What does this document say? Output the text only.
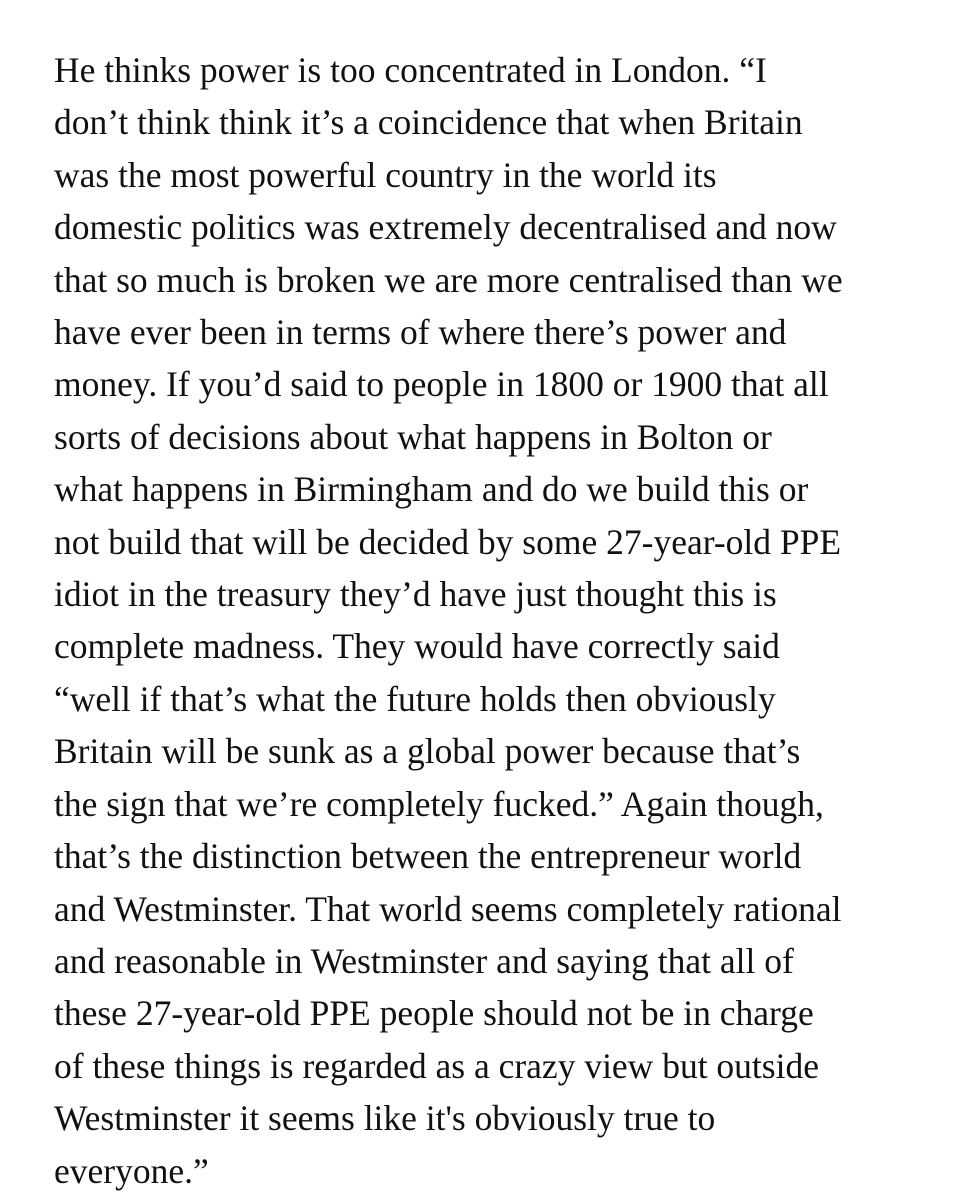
He thinks power is too concentrated in London. “I
don’t think think it’s a coincidence that when Britain
was the most powerful country in the world its
domestic politics was extremely decentralised and now
that so much is broken we are more centralised than we
have ever been in terms of where there’s power and
money. If you’d said to people in 1800 or 1900 that all
sorts of decisions about what happens in Bolton or
what happens in Birmingham and do we build this or
not build that will be decided by some 27-year-old PPE
idiot in the treasury they’d have just thought this is
complete madness. They would have correctly said
“well if that’s what the future holds then obviously
Britain will be sunk as a global power because that’s
the sign that we’re completely fucked.” Again though,
that’s the distinction between the entrepreneur world
and Westminster. That world seems completely rational
and reasonable in Westminster and saying that all of
these 27-year-old PPE people should not be in charge
of these things is regarded as a crazy view but outside
Westminster it seems like it's obviously true to
everyone.”
